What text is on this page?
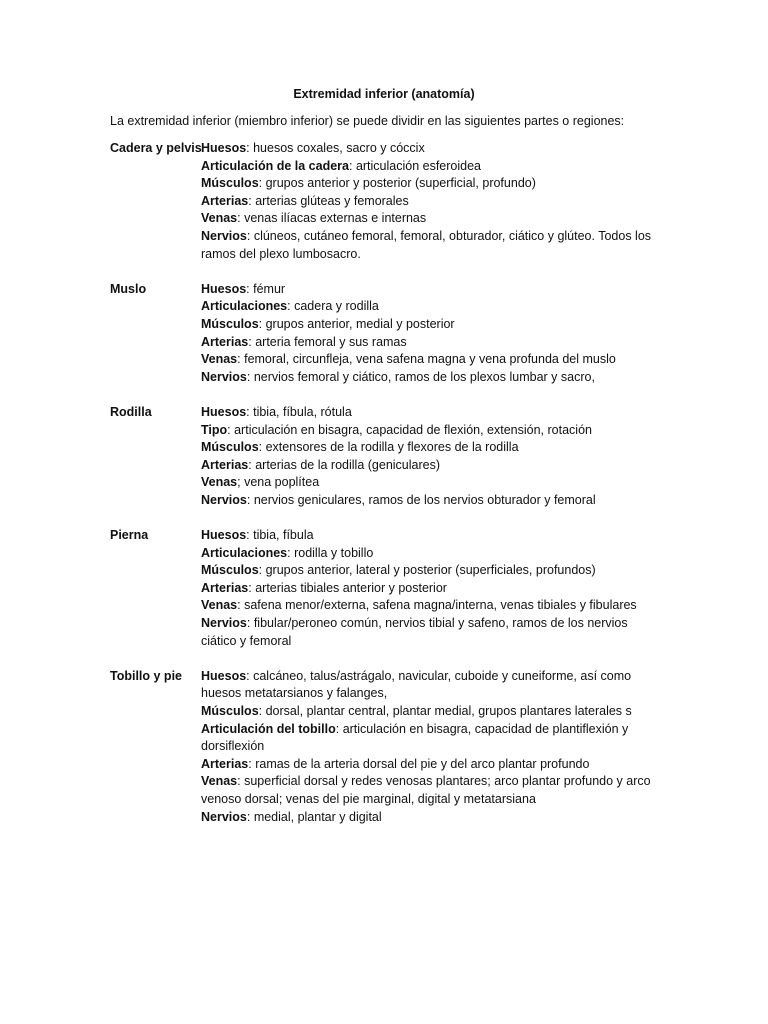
Extremidad inferior (anatomía)
La extremidad inferior (miembro inferior) se puede dividir en las siguientes partes o regiones:
Cadera y pelvis Huesos: huesos coxales, sacro y cóccix

Articulación de la cadera: articulación esferoidea

Músculos: grupos anterior y posterior (superficial, profundo)

Arterias: arterias glúteas y femorales

Venas: venas ilíacas externas e internas

Nervios: clúneos, cutáneo femoral, femoral, obturador, ciático y glúteo. Todos los ramos del plexo lumbosacro.

Muslo	Huesos: fémur

Articulaciones: cadera y rodilla

Músculos: grupos anterior, medial y posterior

Arterias: arteria femoral y sus ramas

Venas: femoral, circunfleja, vena safena magna y vena profunda del muslo

Nervios: nervios femoral y ciático, ramos de los plexos lumbar y sacro,

Rodilla	Huesos: tibia, fíbula, rótula

Tipo: articulación en bisagra, capacidad de flexión, extensión, rotación

Músculos: extensores de la rodilla y flexores de la rodilla

Arterias: arterias de la rodilla (geniculares)

Venas; vena poplítea

Nervios: nervios geniculares, ramos de los nervios obturador y femoral

Pierna	Huesos: tibia, fíbula

Articulaciones: rodilla y tobillo

Músculos: grupos anterior, lateral y posterior (superficiales, profundos)

Arterias: arterias tibiales anterior y posterior

Venas: safena menor/externa, safena magna/interna, venas tibiales y fibulares

Nervios: fibular/peroneo común, nervios tibial y safeno, ramos de los nervios ciático y femoral

Tobillo y pie	Huesos: calcáneo, talus/astrágalo, navicular, cuboide y cuneiforme, así como huesos metatarsianos y falanges,

Músculos: dorsal, plantar central, plantar medial, grupos plantares laterales s

Articulación del tobillo: articulación en bisagra, capacidad de plantiflexión y dorsiflexión

Arterias: ramas de la arteria dorsal del pie y del arco plantar profundo

Venas: superficial dorsal y redes venosas plantares; arco plantar profundo y arco venoso dorsal; venas del pie marginal, digital y metatarsiana

Nervios: medial, plantar y digital
